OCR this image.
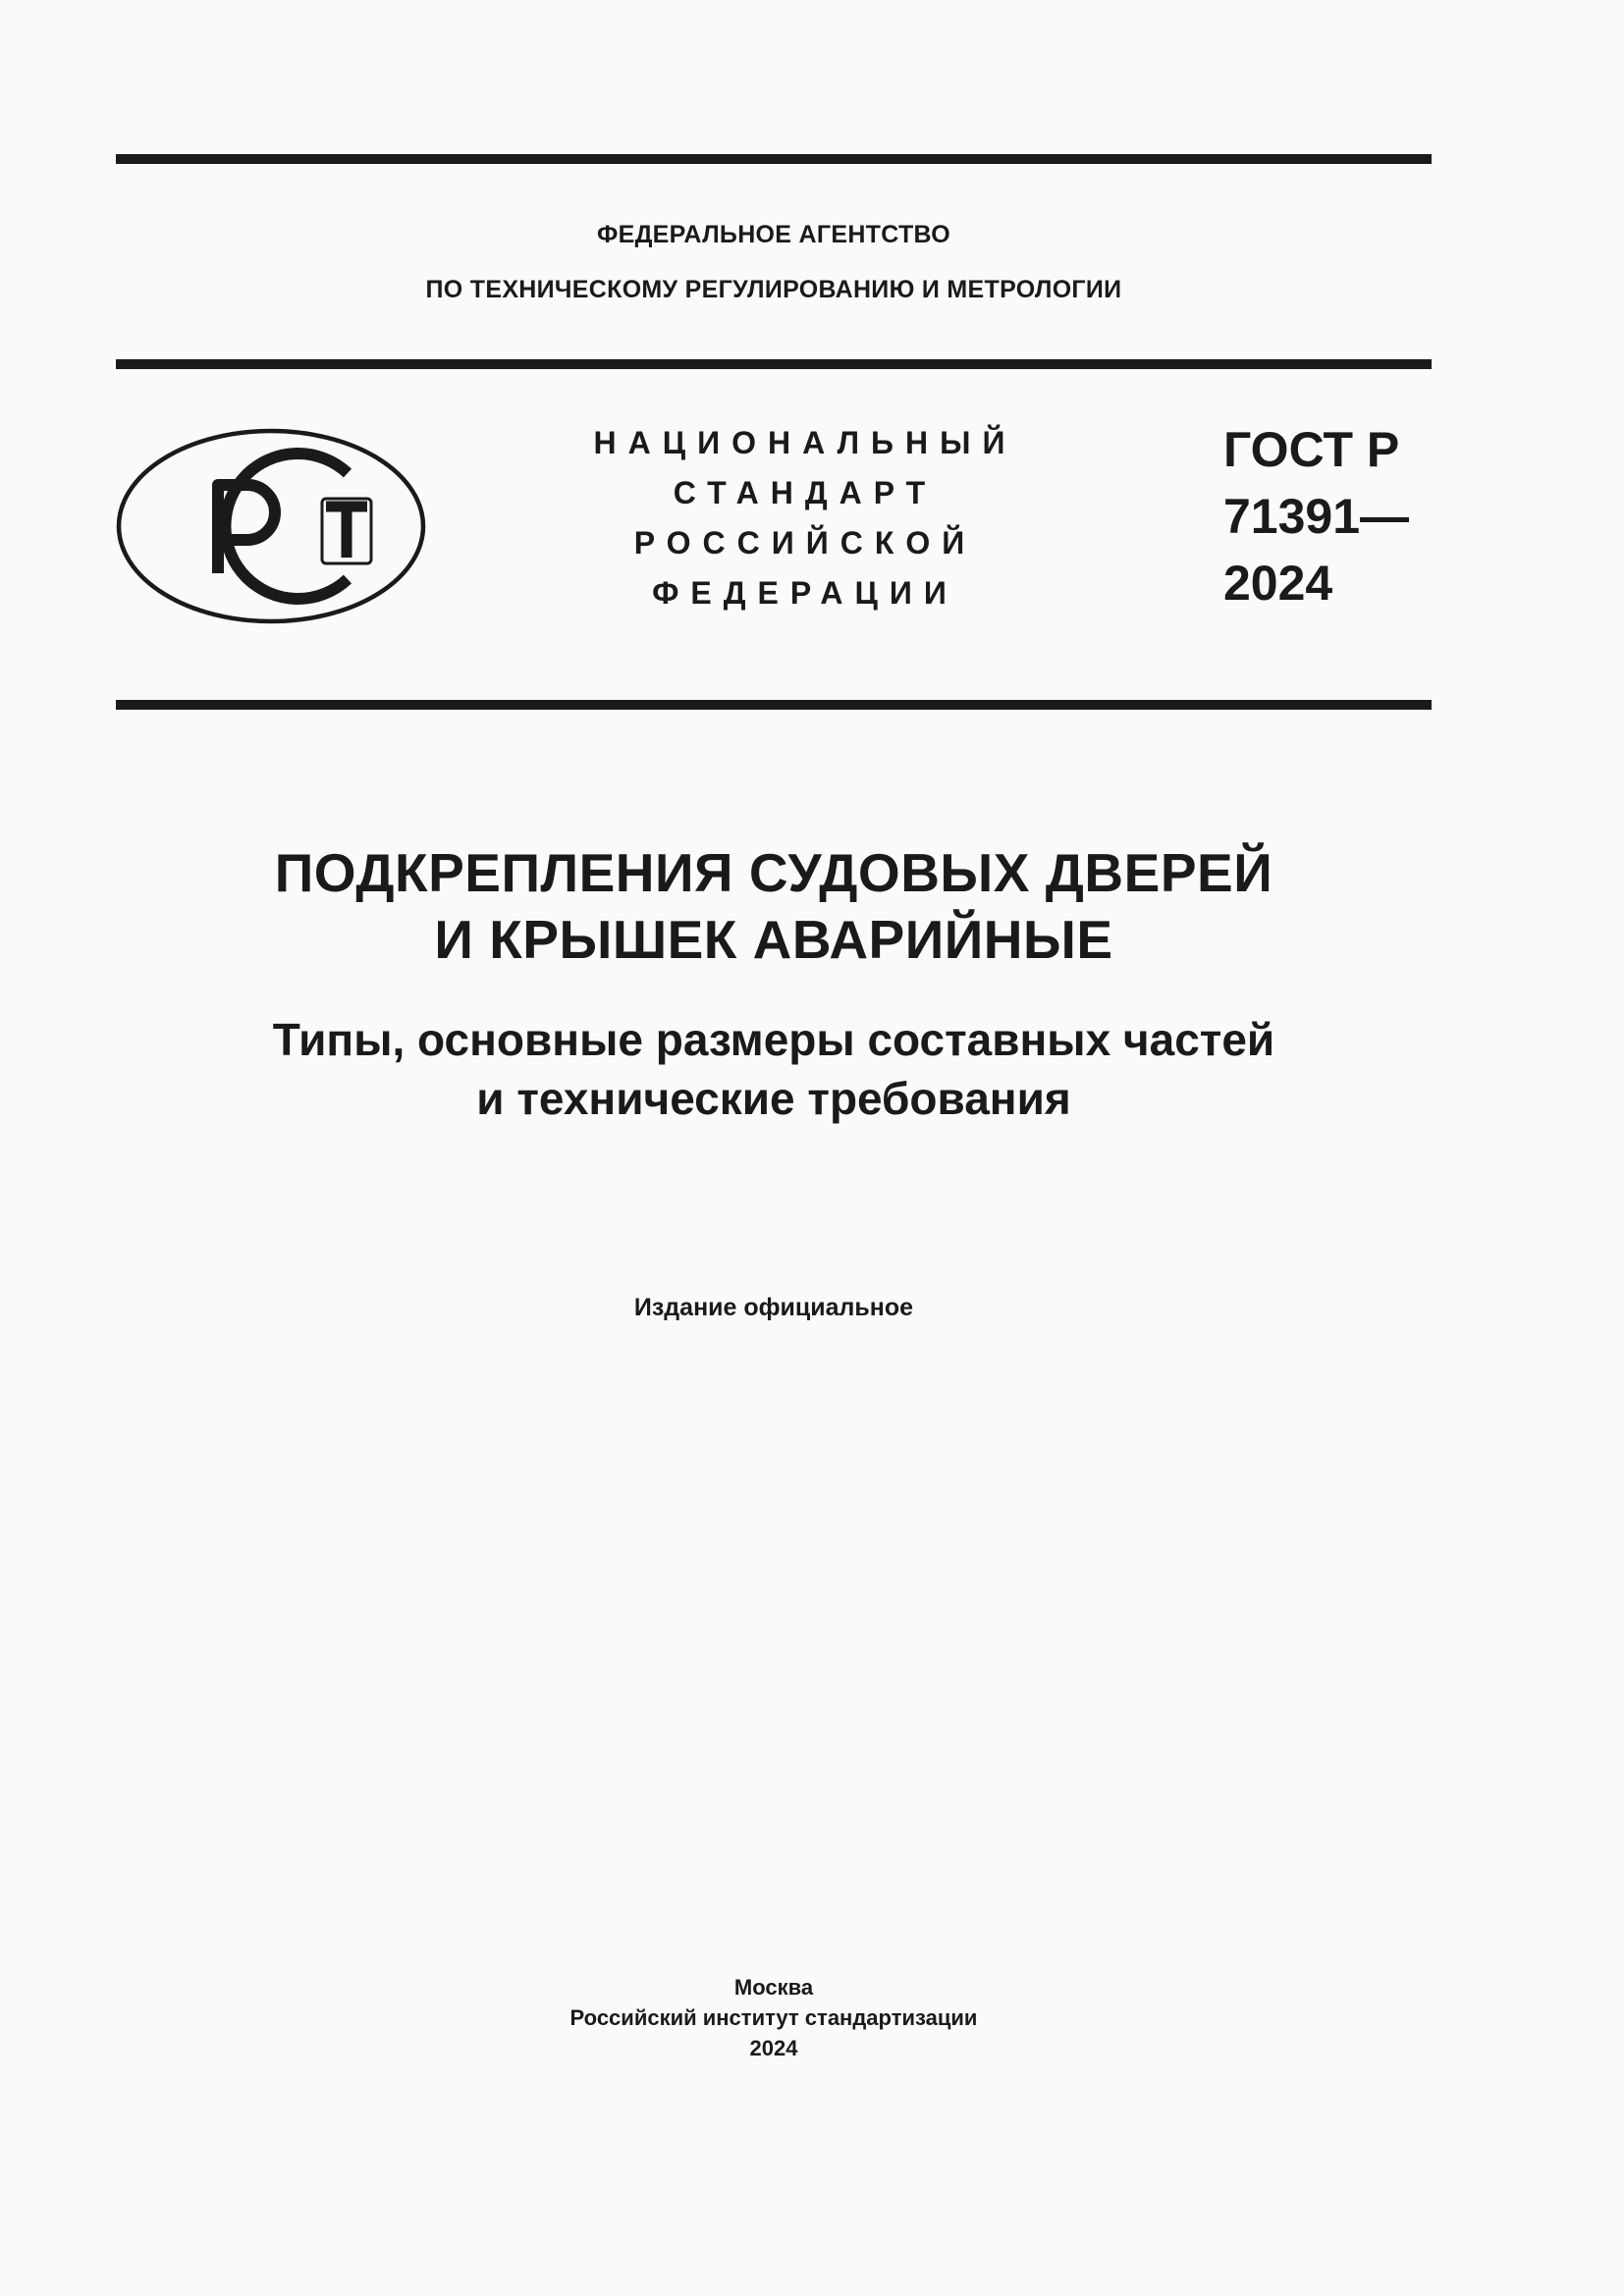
ФЕДЕРАЛЬНОЕ АГЕНТСТВО
ПО ТЕХНИЧЕСКОМУ РЕГУЛИРОВАНИЮ И МЕТРОЛОГИИ
НАЦИОНАЛЬНЫЙ
СТАНДАРТ
РОССИЙСКОЙ
ФЕДЕРАЦИИ
ГОСТ Р
71391—
2024
ПОДКРЕПЛЕНИЯ СУДОВЫХ ДВЕРЕЙ
И КРЫШЕК АВАРИЙНЫЕ
Типы, основные размеры составных частей
и технические требования
Издание официальное
Москва
Российский институт стандартизации
2024
